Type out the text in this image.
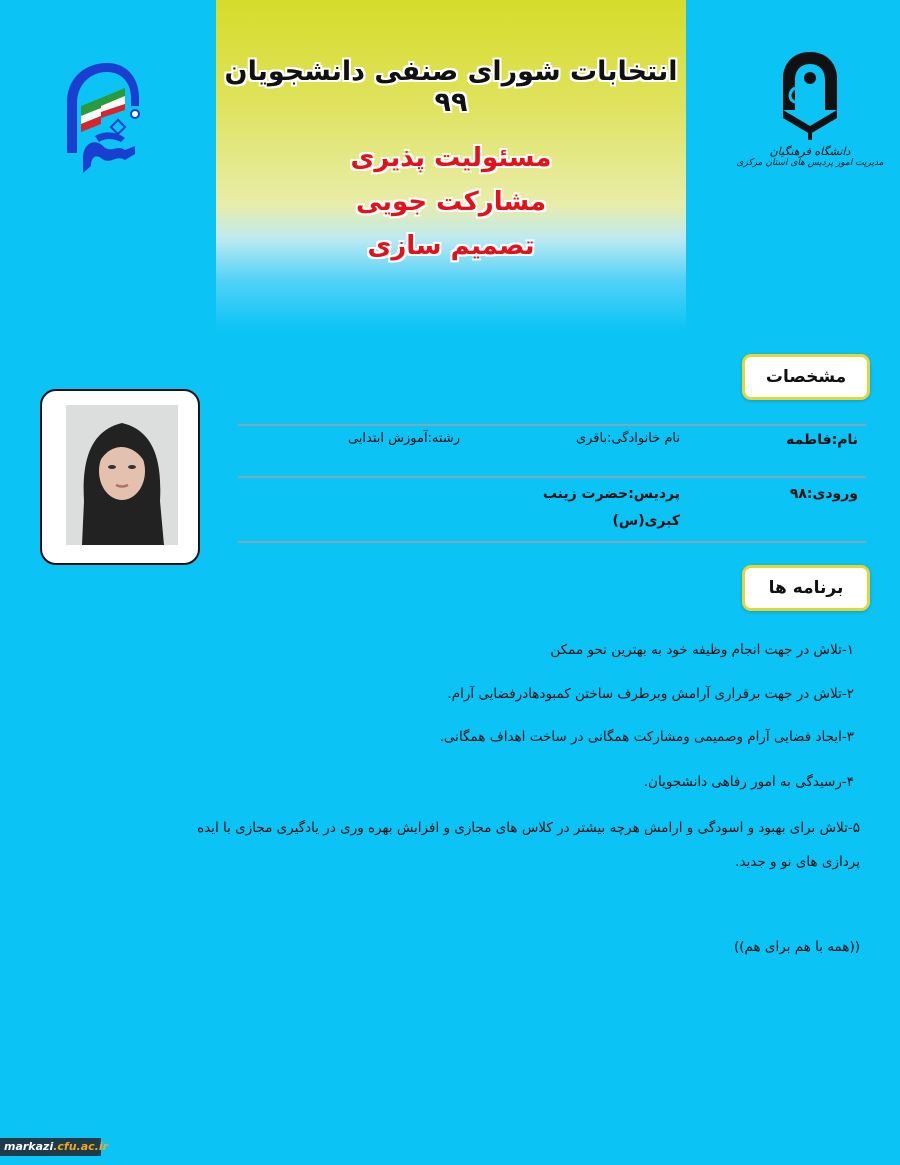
انتخابات شورای صنفی دانشجویان ۹۹
مسئولیت پذیری
مشارکت جویی
تصمیم سازی
دانشگاه فرهنگیان
مدیریت امور پردیس های استان مرکزی
مشخصات
نام:فاطمه
نام خانوادگی:باقری
رشته:آموزش ابتدایی
ورودی:۹۸
پردیس:حضرت زینب
کبری(س)
برنامه ها
۱-تلاش در جهت انجام وظیفه خود به بهترین نحو ممکن
۲-تلاش در جهت برقراری آرامش وبرطرف ساختن کمبودهادرفضایی آرام.
۳-ایجاد فضایی آرام وصمیمی ومشارکت همگانی در ساخت اهداف همگانی.
۴-رسیدگی به امور رفاهی دانشجویان.
۵-تلاش برای بهبود و اسودگی و ارامش هرچه بیشتر در کلاس های مجازی و افزایش بهره وری در یادگیری مجازی با ایده
پردازی های نو و جدید.
((همه با هم برای هم))
markazi.cfu.ac.ir
